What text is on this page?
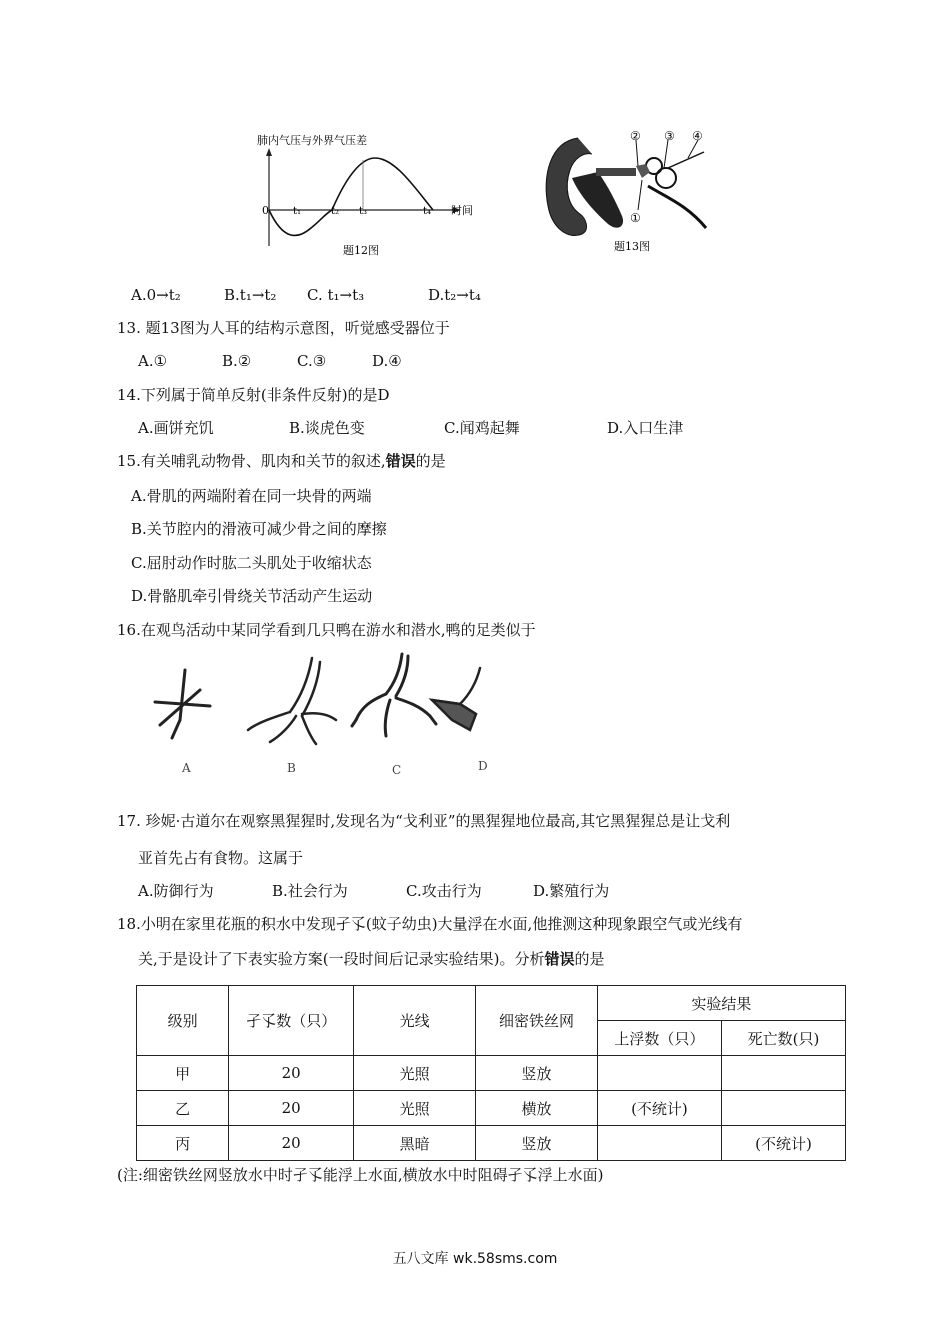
肺内气压与外界气压差
0	时间
t₁	t₂ t₃	t₄
题12图
② ③ ④
①
题13图
A.0→t₂	B.t₁→t₂ C. t₁→t₃	D.t₂→t₄
13. 题13图为人耳的结构示意图，听觉感受器位于
A.①	B.②	C.③	D.④
14.下列属于简单反射(非条件反射)的是D
A.画饼充饥	B.谈虎色变	C.闻鸡起舞	D.入口生津
15.有关哺乳动物骨、肌肉和关节的叙述,错误 · ·的是
A.骨肌的两端附着在同一块骨的两端
B.关节腔内的滑液可减少骨之间的摩擦
C.屈肘动作时肱二头肌处于收缩状态
D.骨骼肌牵引骨绕关节活动产生运动
16.在观鸟活动中某同学看到几只鸭在游水和潜水,鸭的足类似于
A	B	C	D
17. 珍妮·古道尔在观察黑猩猩时,发现名为“戈利亚”的黑猩猩地位最高,其它黑猩猩总是让戈利
亚首先占有食物。这属于
A.防御行为	B.社会行为	C.攻击行为	D.繁殖行为
18.小明在家里花瓶的积水中发现孑孓(蚊子幼虫)大量浮在水面,他推测这种现象跟空气或光线有
关,于是设计了下表实验方案(一段时间后记录实验结果)。分析错误 · ·的是
级别	孑孓数（只）	光线	细密铁丝网	实验结果	
				上浮数（只）	死亡数(只)
甲	20	光照	竖放		
乙	20	光照	横放	(不统计)	
丙	20	黑暗	竖放		(不统计)
(注:细密铁丝网竖放水中时孑孓能浮上水面,横放水中时阻碍孑孓浮上水面)
五八文库 wk.58sms.com
